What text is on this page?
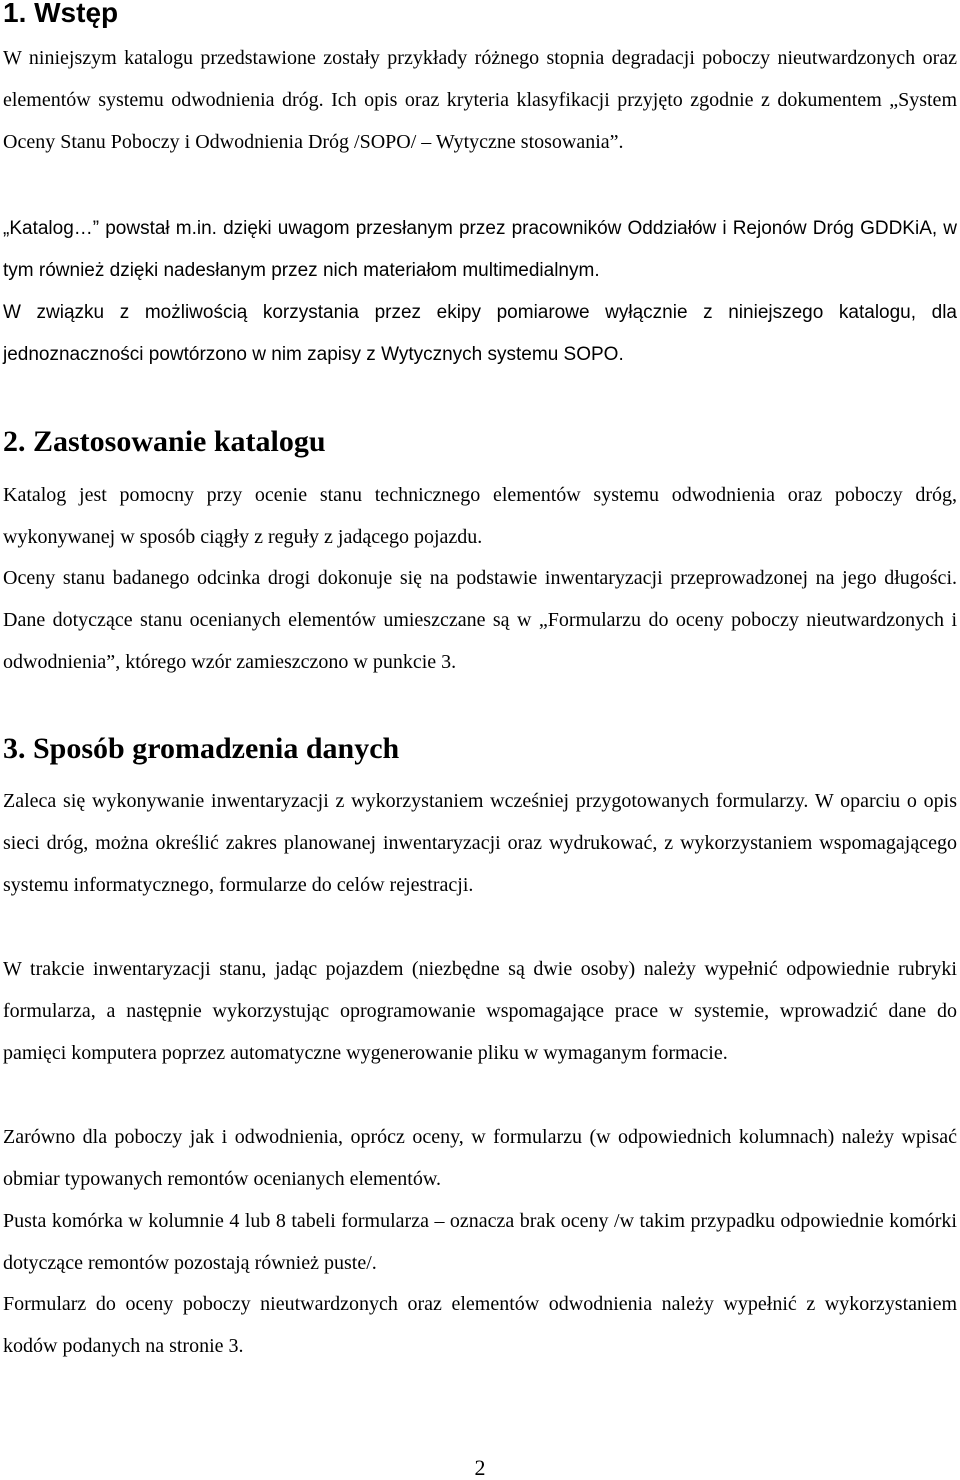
1. Wstęp

W niniejszym katalogu przedstawione zostały przykłady różnego stopnia degradacji poboczy nieutwardzonych oraz elementów systemu odwodnienia dróg. Ich opis oraz kryteria klasyfikacji przyjęto zgodnie z dokumentem „System Oceny Stanu Poboczy i Odwodnienia Dróg /SOPO/ – Wytyczne stosowania”.

„Katalog…” powstał m.in. dzięki uwagom przesłanym przez pracowników Oddziałów i Rejonów Dróg GDDKiA, w tym również dzięki nadesłanym przez nich materiałom multimedialnym.

W związku z możliwością korzystania przez ekipy pomiarowe wyłącznie z niniejszego katalogu, dla jednoznaczności powtórzono w nim zapisy z Wytycznych systemu SOPO.

2. Zastosowanie katalogu

Katalog jest pomocny przy ocenie stanu technicznego elementów systemu odwodnienia oraz poboczy dróg, wykonywanej w sposób ciągły z reguły z jadącego pojazdu.

Oceny stanu badanego odcinka drogi dokonuje się na podstawie inwentaryzacji przeprowadzonej na jego długości. Dane dotyczące stanu ocenianych elementów umieszczane są w „Formularzu do oceny poboczy nieutwardzonych i odwodnienia”, którego wzór zamieszczono w punkcie 3.

3. Sposób gromadzenia danych

Zaleca się wykonywanie inwentaryzacji z wykorzystaniem wcześniej przygotowanych formularzy. W oparciu o opis sieci dróg, można określić zakres planowanej inwentaryzacji oraz wydrukować, z wykorzystaniem wspomagającego systemu informatycznego, formularze do celów rejestracji.

W trakcie inwentaryzacji stanu, jadąc pojazdem (niezbędne są dwie osoby) należy wypełnić odpowiednie rubryki formularza, a następnie wykorzystując oprogramowanie wspomagające prace w systemie, wprowadzić dane do pamięci komputera poprzez automatyczne wygenerowanie pliku w wymaganym formacie.

Zarówno dla poboczy jak i odwodnienia, oprócz oceny, w formularzu (w odpowiednich kolumnach) należy wpisać obmiar typowanych remontów ocenianych elementów.

Pusta komórka w kolumnie 4 lub 8 tabeli formularza – oznacza brak oceny /w takim przypadku odpowiednie komórki dotyczące remontów pozostają również puste/.

Formularz do oceny poboczy nieutwardzonych oraz elementów odwodnienia należy wypełnić z wykorzystaniem kodów podanych na stronie 3.

2
